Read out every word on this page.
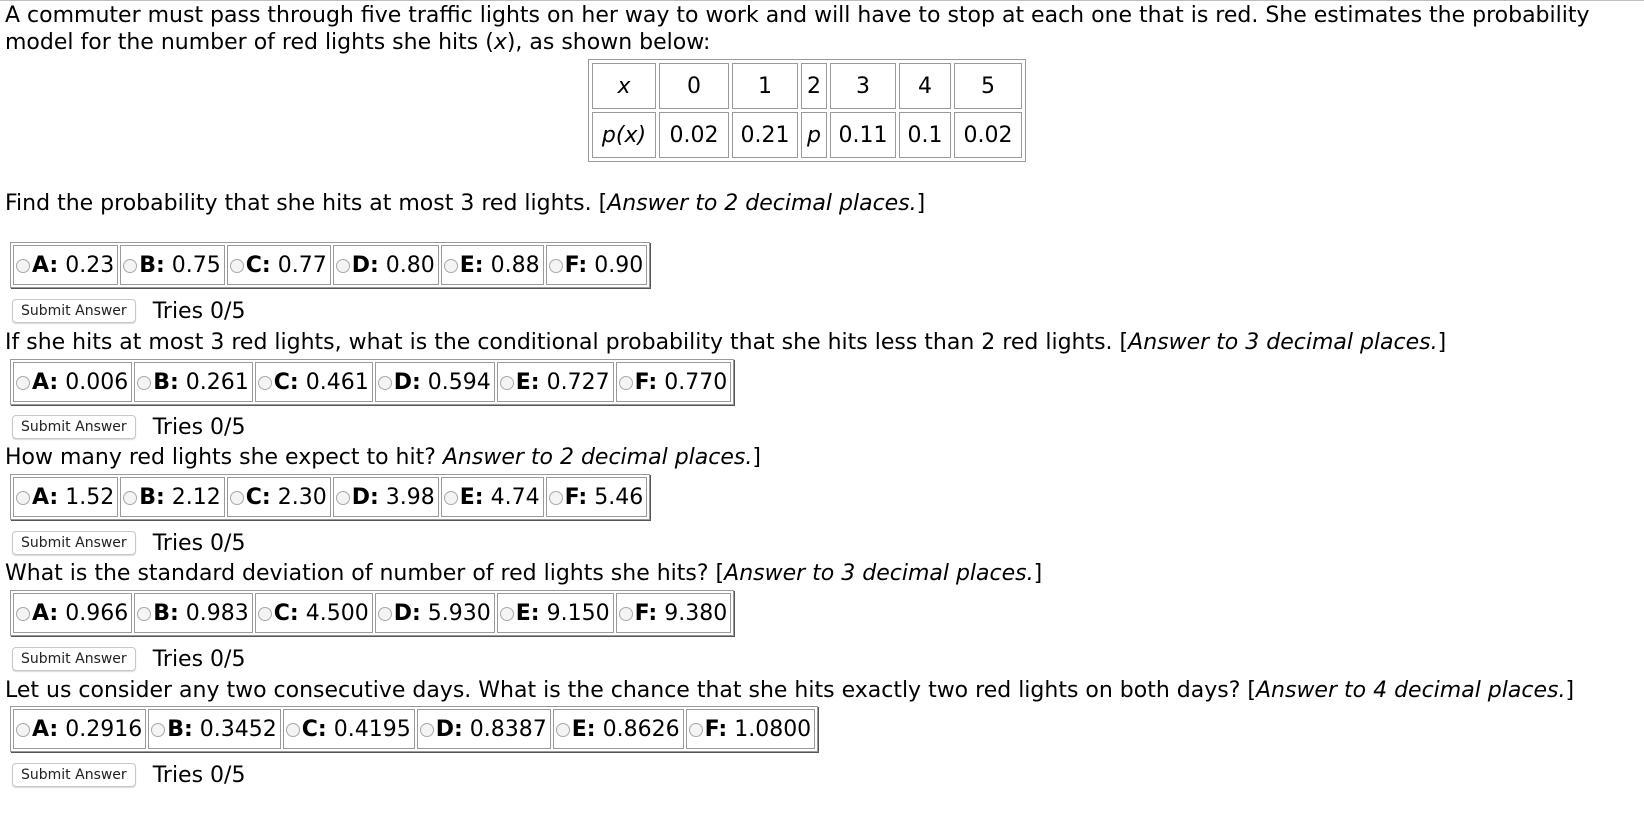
A commuter must pass through five traffic lights on her way to work and will have to stop at each one that is red. She estimates the probability model for the number of red lights she hits (x), as shown below:
x	0	1	2	3	4	5
p(x)	0.02	0.21	p	0.11	0.1	0.02
Find the probability that she hits at most 3 red lights. [Answer to 2 decimal places.]
A: 0.23	B: 0.75	C: 0.77	D: 0.80	E: 0.88	F: 0.90
Submit Answer	Tries 0/5
If she hits at most 3 red lights, what is the conditional probability that she hits less than 2 red lights. [Answer to 3 decimal places.]
A: 0.006	B: 0.261	C: 0.461	D: 0.594	E: 0.727	F: 0.770
Submit Answer	Tries 0/5
How many red lights she expect to hit? Answer to 2 decimal places.]
A: 1.52	B: 2.12	C: 2.30	D: 3.98	E: 4.74	F: 5.46
Submit Answer	Tries 0/5
What is the standard deviation of number of red lights she hits? [Answer to 3 decimal places.]
A: 0.966	B: 0.983	C: 4.500	D: 5.930	E: 9.150	F: 9.380
Submit Answer	Tries 0/5
Let us consider any two consecutive days. What is the chance that she hits exactly two red lights on both days? [Answer to 4 decimal places.]
A: 0.2916	B: 0.3452	C: 0.4195	D: 0.8387	E: 0.8626	F: 1.0800
Submit Answer	Tries 0/5
